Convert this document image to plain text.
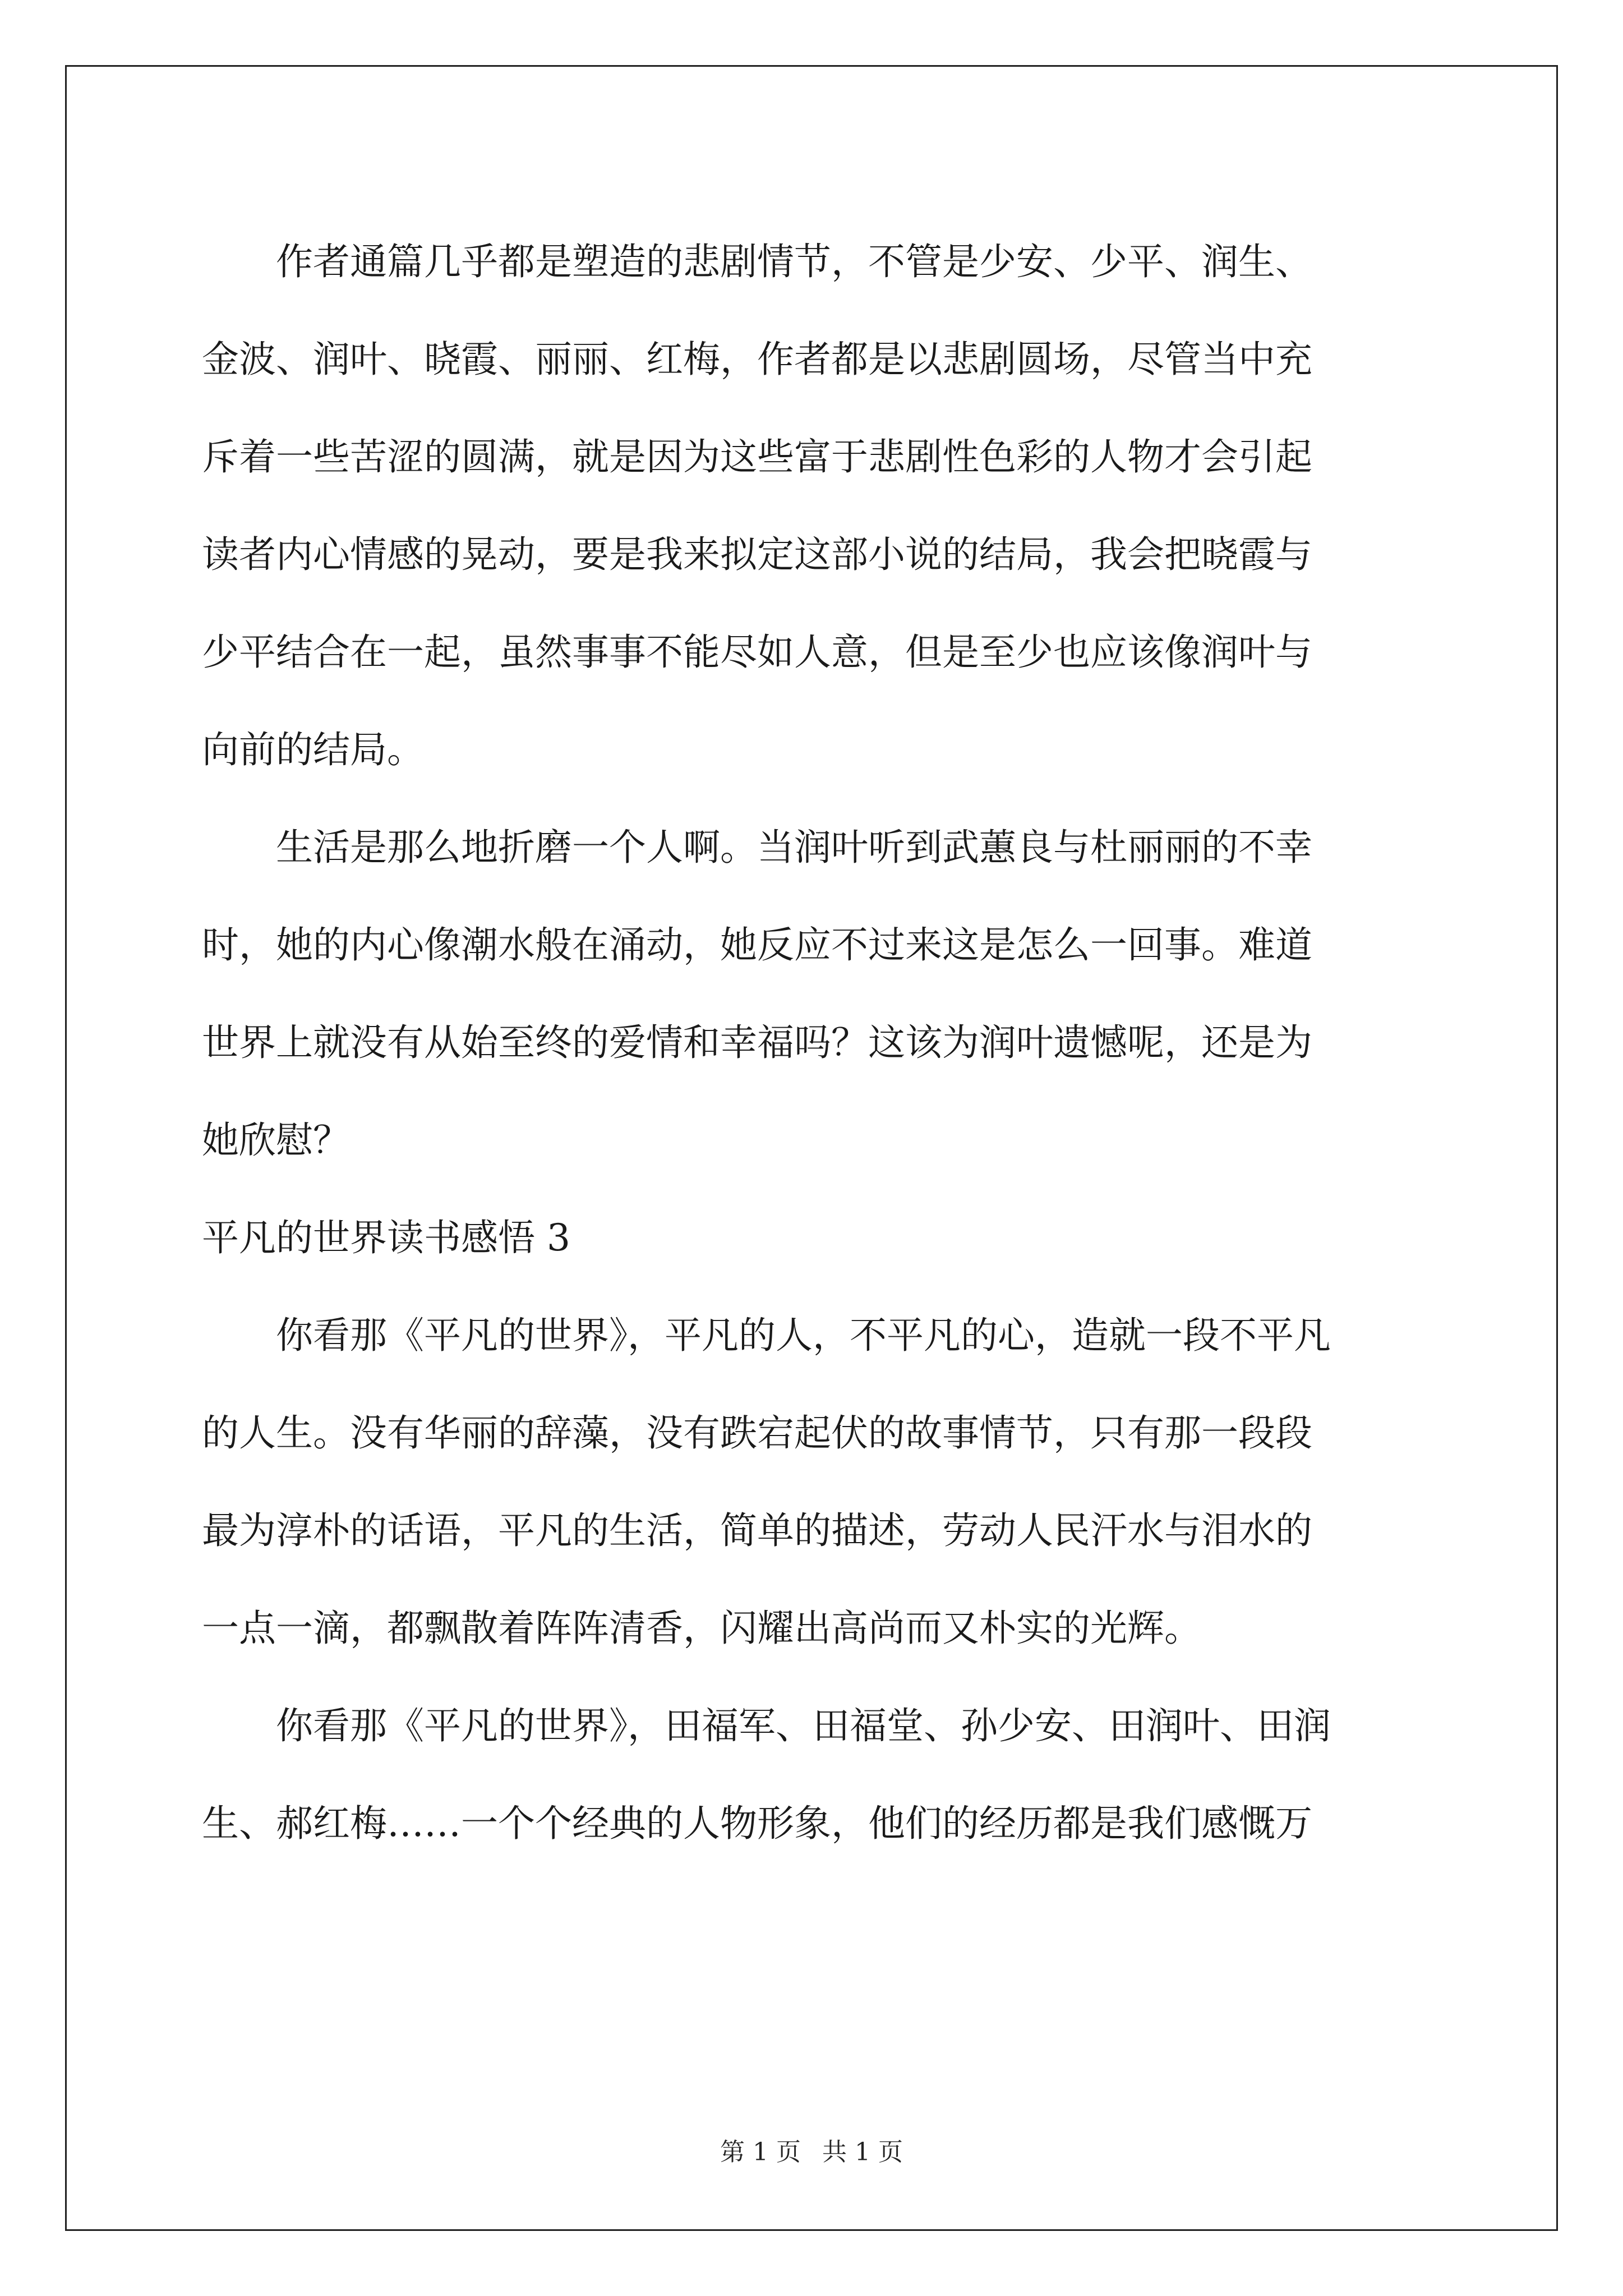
作者通篇几乎都是塑造的悲剧情节，不管是少安、少平、润生、
金波、润叶、晓霞、丽丽、红梅，作者都是以悲剧圆场，尽管当中充
斥着一些苦涩的圆满，就是因为这些富于悲剧性色彩的人物才会引起
读者内心情感的晃动，要是我来拟定这部小说的结局，我会把晓霞与
少平结合在一起，虽然事事不能尽如人意，但是至少也应该像润叶与
向前的结局。
生活是那么地折磨一个人啊。当润叶听到武蕙良与杜丽丽的不幸
时，她的内心像潮水般在涌动，她反应不过来这是怎么一回事。难道
世界上就没有从始至终的爱情和幸福吗？这该为润叶遗憾呢，还是为
她欣慰？
平凡的世界读书感悟 3
你看那《平凡的世界》，平凡的人，不平凡的心，造就一段不平凡
的人生。没有华丽的辞藻，没有跌宕起伏的故事情节，只有那一段段
最为淳朴的话语，平凡的生活，简单的描述，劳动人民汗水与泪水的
一点一滴，都飘散着阵阵清香，闪耀出高尚而又朴实的光辉。
你看那《平凡的世界》，田福军、田福堂、孙少安、田润叶、田润
生、郝红梅……一个个经典的人物形象，他们的经历都是我们感慨万
第 1 页 共 1 页
